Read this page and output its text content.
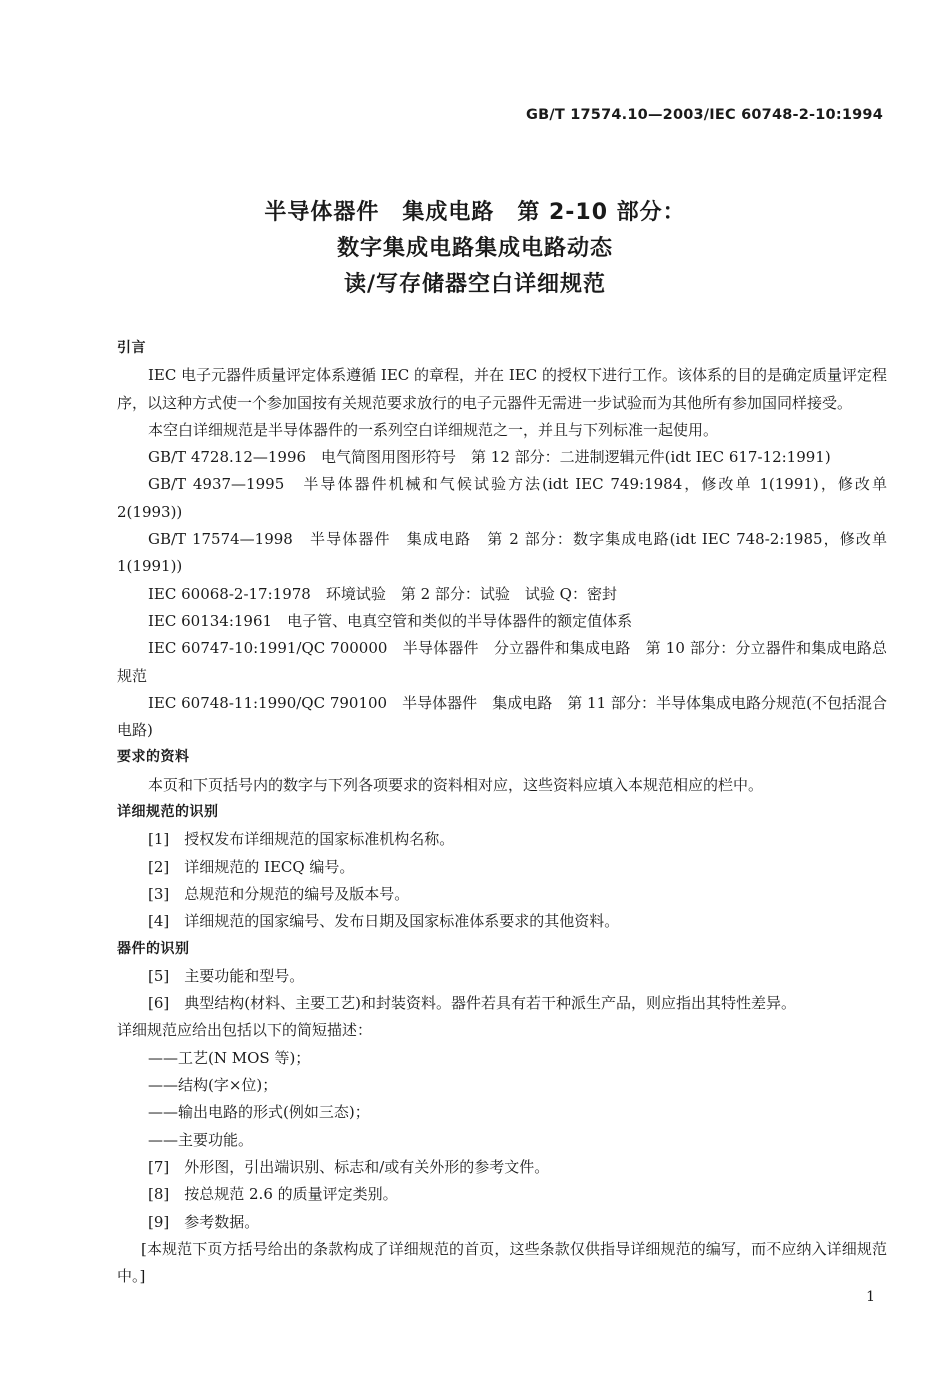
GB/T 17574.10—2003/IEC 60748-2-10:1994
半导体器件　集成电路　第 2-10 部分：
数字集成电路集成电路动态
读/写存储器空白详细规范
引言
IEC 电子元器件质量评定体系遵循 IEC 的章程，并在 IEC 的授权下进行工作。该体系的目的是确定质量评定程序，以这种方式使一个参加国按有关规范要求放行的电子元器件无需进一步试验而为其他所有参加国同样接受。
本空白详细规范是半导体器件的一系列空白详细规范之一，并且与下列标准一起使用。
GB/T 4728.12—1996　电气简图用图形符号　第 12 部分：二进制逻辑元件(idt IEC 617-12:1991)
GB/T 4937—1995　半导体器件机械和气候试验方法(idt IEC 749:1984，修改单 1(1991)，修改单 2(1993))
GB/T 17574—1998　半导体器件　集成电路　第 2 部分：数字集成电路(idt IEC 748-2:1985，修改单 1(1991))
IEC 60068-2-17:1978　环境试验　第 2 部分：试验　试验 Q：密封
IEC 60134:1961　电子管、电真空管和类似的半导体器件的额定值体系
IEC 60747-10:1991/QC 700000　半导体器件　分立器件和集成电路　第 10 部分：分立器件和集成电路总规范
IEC 60748-11:1990/QC 790100　半导体器件　集成电路　第 11 部分：半导体集成电路分规范(不包括混合电路)
要求的资料
本页和下页括号内的数字与下列各项要求的资料相对应，这些资料应填入本规范相应的栏中。
详细规范的识别
[1]　授权发布详细规范的国家标准机构名称。
[2]　详细规范的 IECQ 编号。
[3]　总规范和分规范的编号及版本号。
[4]　详细规范的国家编号、发布日期及国家标准体系要求的其他资料。
器件的识别
[5]　主要功能和型号。
[6]　典型结构(材料、主要工艺)和封装资料。器件若具有若干种派生产品，则应指出其特性差异。
详细规范应给出包括以下的简短描述：
——工艺(N MOS 等)；
——结构(字×位)；
——输出电路的形式(例如三态)；
——主要功能。
[7]　外形图，引出端识别、标志和/或有关外形的参考文件。
[8]　按总规范 2.6 的质量评定类别。
[9]　参考数据。
[本规范下页方括号给出的条款构成了详细规范的首页，这些条款仅供指导详细规范的编写，而不应纳入详细规范中。]
1
